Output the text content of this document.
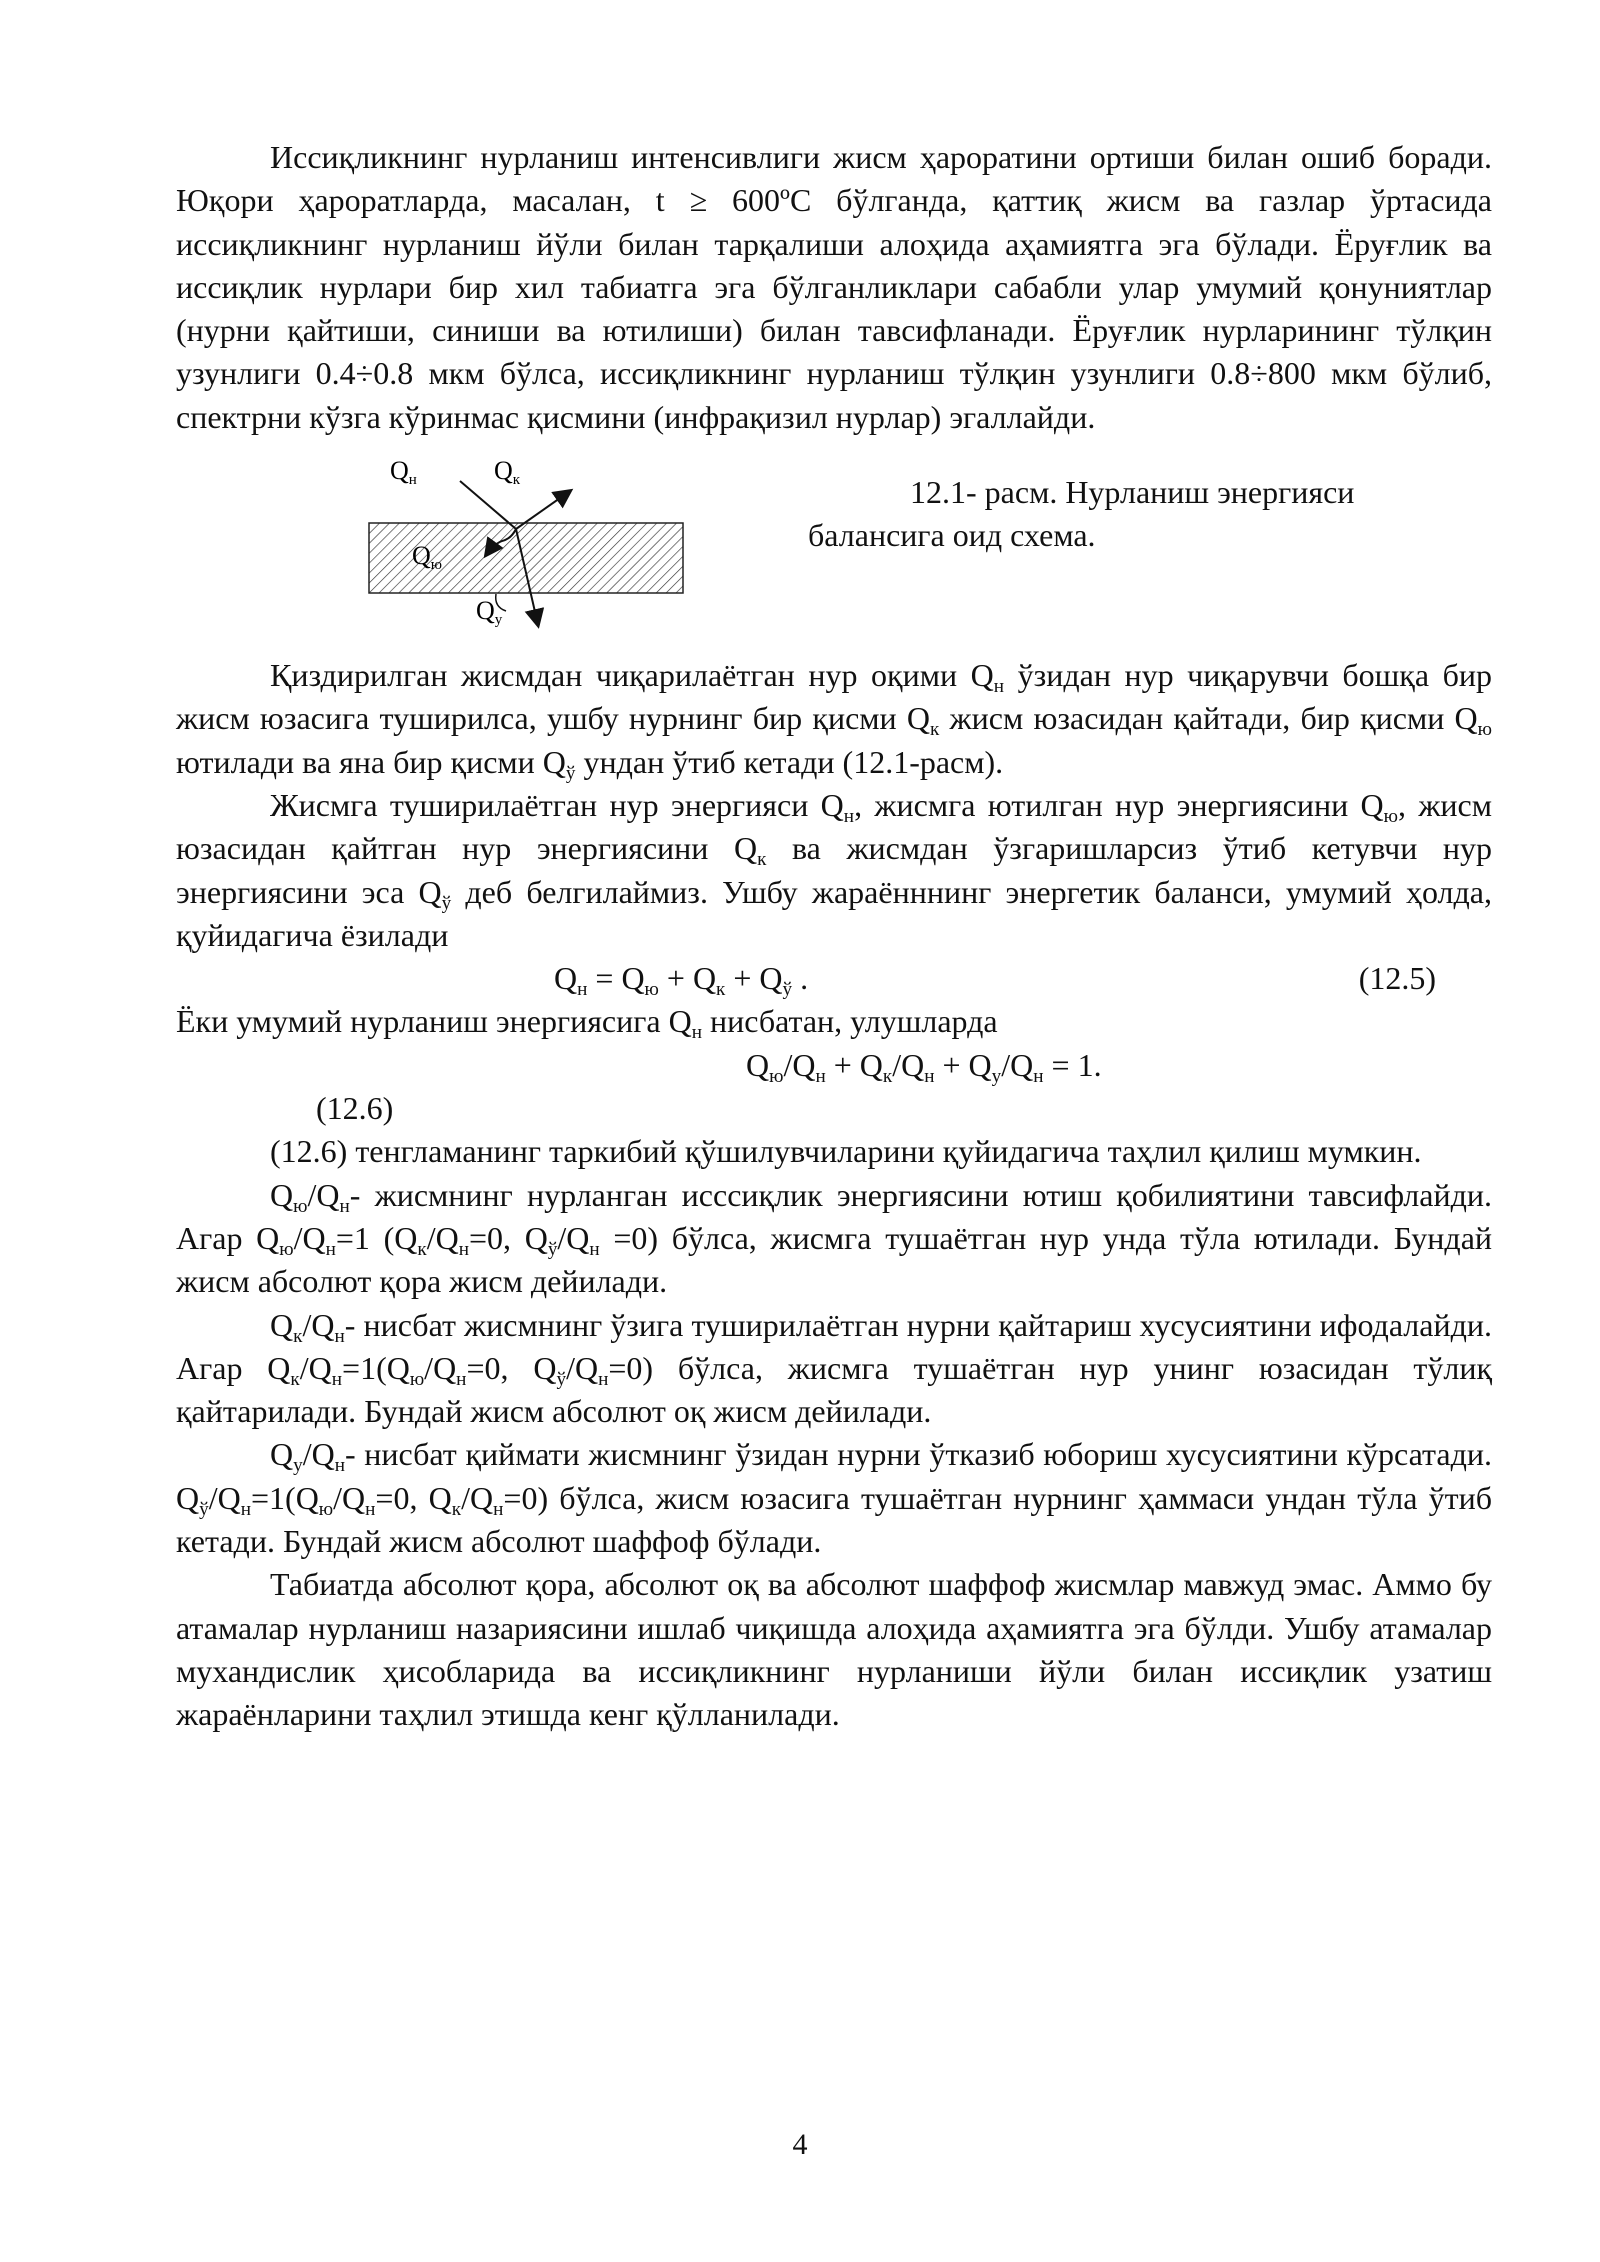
Иссиқликнинг нурланиш интенсивлиги жисм ҳароратини ортиши билан ошиб боради. Юқори ҳароратларда, масалан, t ≥ 600ºС бўлганда, қаттиқ жисм ва газлар ўртасида иссиқликнинг нурланиш йўли билан тарқалиши алоҳида аҳамиятга эга бўлади. Ёруғлик ва иссиқлик нурлари бир хил табиатга эга бўлганликлари сабабли улар умумий қонуниятлар (нурни қайтиши, синиши ва ютилиши) билан тавсифланади. Ёруғлик нурларининг тўлқин узунлиги 0.4÷0.8 мкм бўлса, иссиқликнинг нурланиш тўлқин узунлиги 0.8÷800 мкм бўлиб, спектрни кўзга кўринмас қисмини (инфрақизил нурлар) эгаллайди.

Qн	Qк
Qю
Qу
12.1- расм. Нурланиш энергияси
балансига оид схема.

Қиздирилган жисмдан чиқарилаётган нур оқими $Q_н$ ўзидан нур чиқарувчи бошқа бир жисм юзасига туширилса, ушбу нурнинг бир қисми $Q_к$ жисм юзасидан қайтади, бир қисми $Q_ю$ ютилади ва яна бир қисми $Q_ў$ ундан ўтиб кетади (12.1-расм).

Жисмга туширилаётган нур энергияси $Q_н$, жисмга ютилган нур энергиясини $Q_ю$, жисм юзасидан қайтган нур энергиясини $Q_к$ ва жисмдан ўзгаришларсиз ўтиб кетувчи нур энергиясини эса $Q_ў$ деб белгилаймиз. Ушбу жараённнинг энергетик баланси, умумий ҳолда, қуйидагича ёзилади

$Q_н = Q_ю + Q_к + Q_ў$ .	(12.5)

Ёки умумий нурланиш энергиясига $Q_н$ нисбатан, улушларда

$Q_ю/Q_н + Q_к/Q_н + Q_у/Q_н = 1$.
(12.6)

(12.6) тенгламанинг таркибий қўшилувчиларини қуйидагича таҳлил қилиш мумкин.

$Q_ю/Q_н-$ жисмнинг нурланган исссиқлик энергиясини ютиш қобилиятини тавсифлайди. Агар $Q_ю/Q_н=1$ ($Q_к/Q_н=0$, $Q_ў/Q_н =0$) бўлса, жисмга тушаётган нур унда тўла ютилади. Бундай жисм абсолют қора жисм дейилади.

$Q_к/Q_н-$ нисбат жисмнинг ўзига туширилаётган нурни қайтариш хусусиятини ифодалайди. Агар $Q_к/Q_н=1(Q_ю/Q_н=0$, $Q_ў/Q_н=0$) бўлса, жисмга тушаётган нур унинг юзасидан тўлиқ қайтарилади. Бундай жисм абсолют оқ жисм дейилади.

$Q_у/Q_н-$ нисбат қиймати жисмнинг ўзидан нурни ўтказиб юбориш хусусиятини кўрсатади. $Q_ў/Q_н=1(Q_ю/Q_н=0$, $Q_к/Q_н=0$) бўлса, жисм юзасига тушаётган нурнинг ҳаммаси ундан тўла ўтиб кетади. Бундай жисм абсолют шаффоф бўлади.

Табиатда абсолют қора, абсолют оқ ва абсолют шаффоф жисмлар мавжуд эмас. Аммо бу атамалар нурланиш назариясини ишлаб чиқишда алоҳида аҳамиятга эга бўлди. Ушбу атамалар мухандислик ҳисобларида ва иссиқликнинг нурланиши йўли билан иссиқлик узатиш жараёнларини таҳлил этишда кенг қўлланилади.

4
